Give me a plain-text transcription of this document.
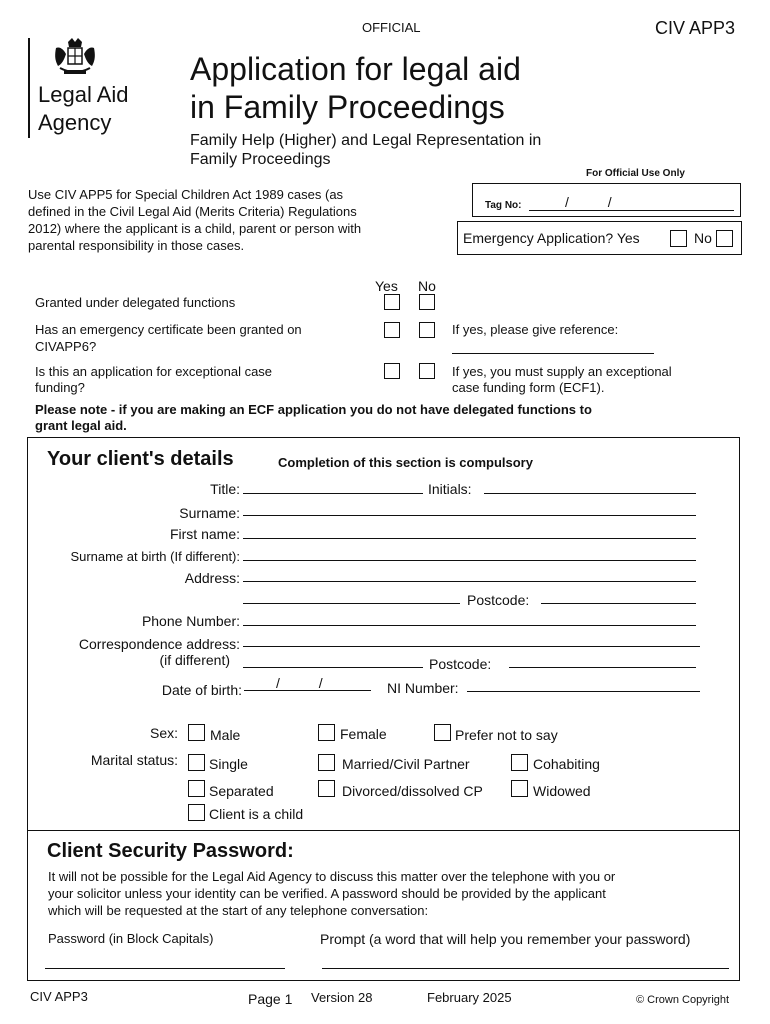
OFFICIAL	CIV APP3
Legal Aid
Agency
Application for legal aid
in Family Proceedings
Family Help (Higher) and Legal Representation in
Family Proceedings
For Official Use Only
Tag No:	/          /
Emergency Application? Yes	No
Use CIV APP5 for Special Children Act 1989 cases (as
defined in the Civil Legal Aid (Merits Criteria) Regulations
2012) where the applicant is a child, parent or person with
parental responsibility in those cases.
Yes No
Granted under delegated functions
Has an emergency certificate been granted on
CIVAPP6?
If yes, please give reference:
Is this an application for exceptional case
funding?
If yes, you must supply an exceptional
case funding form (ECF1).
Please note - if you are making an ECF application you do not have delegated functions to
grant legal aid.
Your client's details	Completion of this section is compulsory
Title:	Initials:
Surname:
First name:
Surname at birth (If different):
Address:
Postcode:
Phone Number:
Correspondence address:
(if different)	Postcode:
Date of birth: /          /	NI Number:
Sex: Male	Female	Prefer not to say
Marital status: Single	Married/Civil Partner	Cohabiting
Separated	Divorced/dissolved CP	Widowed
Client is a child
Client Security Password:
It will not be possible for the Legal Aid Agency to discuss this matter over the telephone with you or
your solicitor unless your identity can be verified. A password should be provided by the applicant
which will be requested at the start of any telephone conversation:
Password (in Block Capitals)	Prompt (a word that will help you remember your password)
CIV APP3	Page 1 Version 28	February 2025	© Crown Copyright
